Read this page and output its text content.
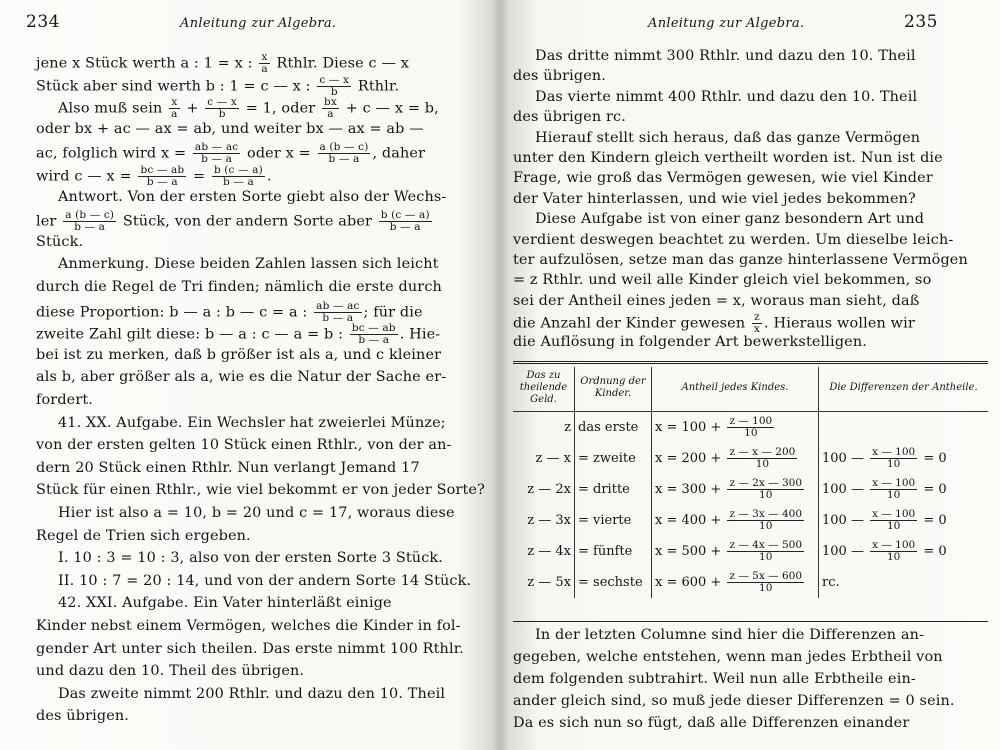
234	Anleitung zur Algebra.
jene x Stück werth a : 1 = x : $\frac{x}{a}$ Rthlr. Diese c — x
Stück aber sind werth b : 1 = c — x : $\frac{c — x}{b}$ Rthlr.
Also muß sein $\frac{x}{a} + \frac{c — x}{b} = 1$, oder $\frac{bx}{a} + c$ — x = b,
oder bx + ac — ax = ab, und weiter bx — ax = ab —
ac, folglich wird $x = \frac{ab — ac}{b — a}$ oder $x = \frac{a (b — c)}{b — a}$ , daher
wird c — $x = \frac{bc — ab}{b — a} = \frac{b (c — a)}{b — a}$ .
Antwort. Von der ersten Sorte giebt also der Wechs-
ler $\frac{a (b — c)}{b — a}$ Stück, von der andern Sorte aber $\frac{b (c — a)}{b — a}$
Stück.
Anmerkung. Diese beiden Zahlen lassen sich leicht
durch die Regel de Tri finden; nämlich die erste durch
diese Proportion: b — a : b — c = a : $\frac{ab — ac}{b — a}$ ; für die
zweite Zahl gilt diese: b — a : c — a = b : $\frac{bc — ab}{b — a}$ . Hie-
bei ist zu merken, daß b größer ist als a, und c kleiner
als b, aber größer als a, wie es die Natur der Sache er-
fordert.
41. XX. Aufgabe. Ein Wechsler hat zweierlei Münze;
von der ersten gelten 10 Stück einen Rthlr., von der an-
dern 20 Stück einen Rthlr. Nun verlangt Jemand 17
Stück für einen Rthlr., wie viel bekommt er von jeder Sorte?
Hier ist also a = 10, b = 20 und c = 17, woraus diese
Regel de Trien sich ergeben.
I. 10 : 3 = 10 : 3, also von der ersten Sorte 3 Stück.
II. 10 : 7 = 20 : 14, und von der andern Sorte 14 Stück.
42. XXI. Aufgabe. Ein Vater hinterläßt einige
Kinder nebst einem Vermögen, welches die Kinder in fol-
gender Art unter sich theilen. Das erste nimmt 100 Rthlr.
und dazu den 10. Theil des übrigen.
Das zweite nimmt 200 Rthlr. und dazu den 10. Theil
des übrigen.
Anleitung zur Algebra.	235
Das dritte nimmt 300 Rthlr. und dazu den 10. Theil
des übrigen.
Das vierte nimmt 400 Rthlr. und dazu den 10. Theil
des übrigen rc.
Hierauf stellt sich heraus, daß das ganze Vermögen
unter den Kindern gleich vertheilt worden ist. Nun ist die
Frage, wie groß das Vermögen gewesen, wie viel Kinder
der Vater hinterlassen, und wie viel jedes bekommen?
Diese Aufgabe ist von einer ganz besondern Art und
verdient deswegen beachtet zu werden. Um dieselbe leich-
ter aufzulösen, setze man das ganze hinterlassene Vermögen
= z Rthlr. und weil alle Kinder gleich viel bekommen, so
sei der Antheil eines jeden = x, woraus man sieht, daß
die Anzahl der Kinder gewesen $\frac{z}{x}$ . Hieraus wollen wir
die Auflösung in folgender Art bewerkstelligen.
Das zu theilende Geld.	Ordnung der Kinder.	Antheil jedes Kindes.	Die Differenzen der Antheile.
z	das erste	$x = 100 + \frac{z — 100}{10}$

z — x	= zweite	$x = 200 + \frac{z — x — 200}{10}$	100 — $\frac{x — 100}{10} = 0$
z — 2x	= dritte	$x = 300 + \frac{z — 2x — 300}{10}$	100 — $\frac{x — 100}{10} = 0$
z — 3x	= vierte	$x = 400 + \frac{z — 3x — 400}{10}$	100 — $\frac{x — 100}{10} = 0$
z — 4x	= fünfte	$x = 500 + \frac{z — 4x — 500}{10}$	100 — $\frac{x — 100}{10} = 0$
z — 5x	= sechste	$x = 600 + \frac{z — 5x — 600}{10}$	rc.
In der letzten Columne sind hier die Differenzen an-
gegeben, welche entstehen, wenn man jedes Erbtheil von
dem folgenden subtrahirt. Weil nun alle Erbtheile ein-
ander gleich sind, so muß jede dieser Differenzen = 0 sein.
Da es sich nun so fügt, daß alle Differenzen einander
